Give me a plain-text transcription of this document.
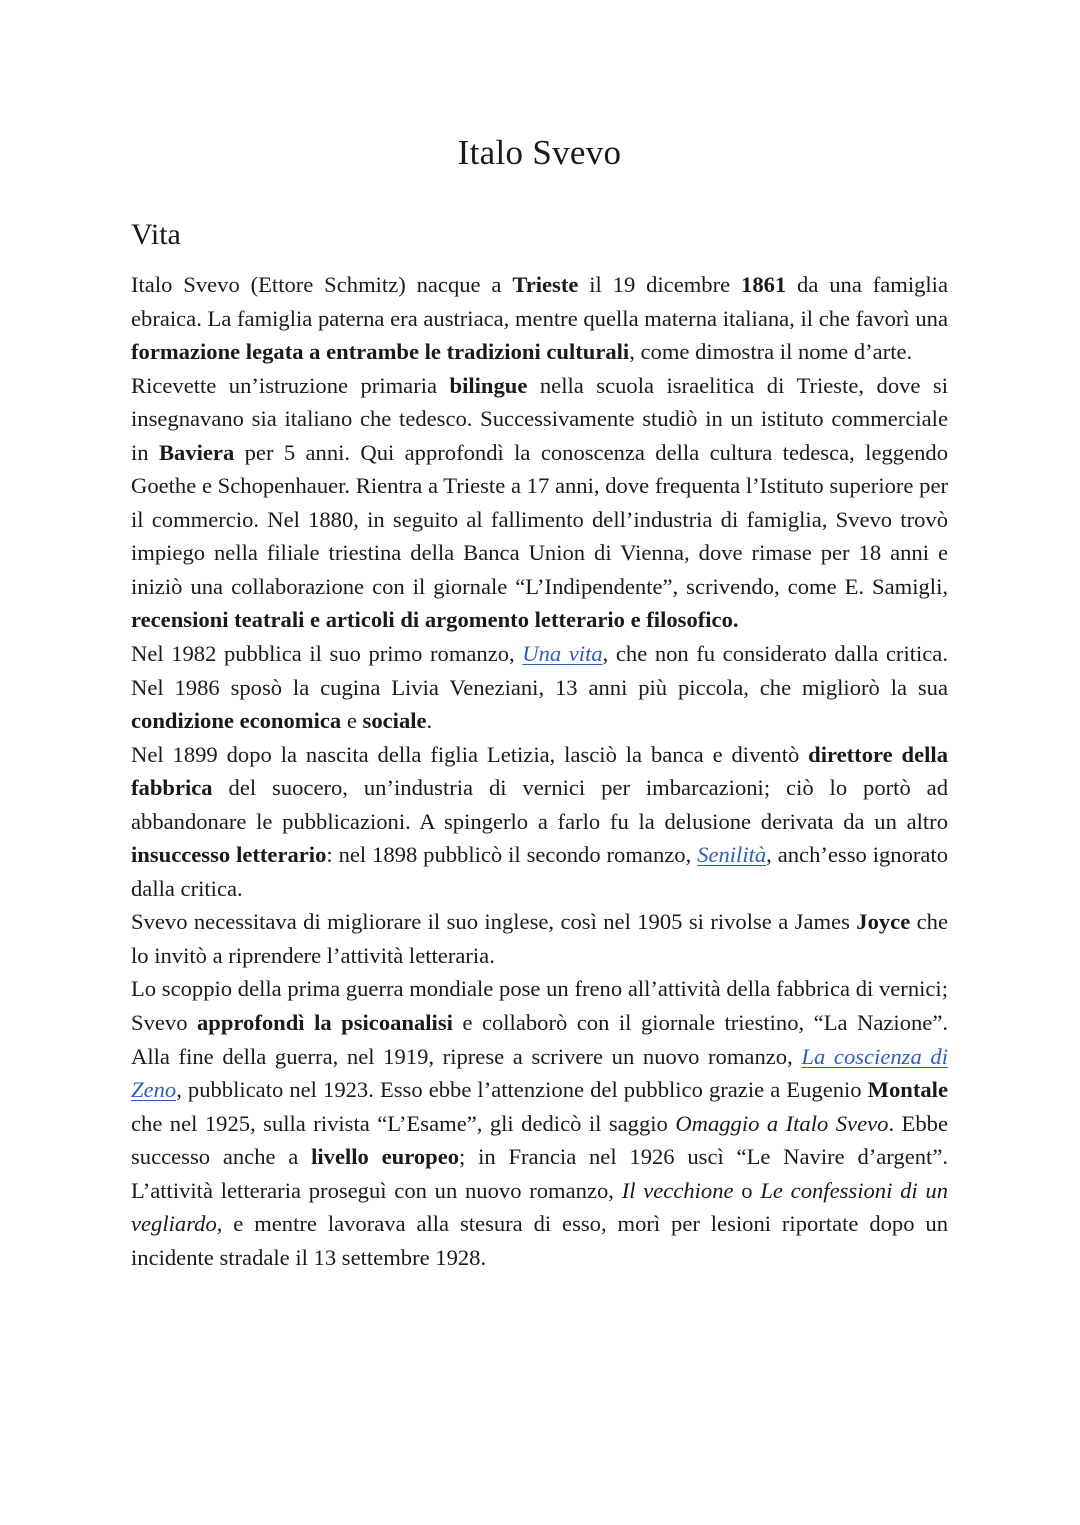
Italo Svevo
Vita

Italo Svevo (Ettore Schmitz) nacque a Trieste il 19 dicembre 1861 da una famiglia ebraica. La famiglia paterna era austriaca, mentre quella materna italiana, il che favorì una formazione legata a entrambe le tradizioni culturali, come dimostra il nome d’arte.

Ricevette un’istruzione primaria bilingue nella scuola israelitica di Trieste, dove si insegnavano sia italiano che tedesco. Successivamente studiò in un istituto commerciale in Baviera per 5 anni. Qui approfondì la conoscenza della cultura tedesca, leggendo Goethe e Schopenhauer. Rientra a Trieste a 17 anni, dove frequenta l’Istituto superiore per il commercio. Nel 1880, in seguito al fallimento dell’industria di famiglia, Svevo trovò impiego nella filiale triestina della Banca Union di Vienna, dove rimase per 18 anni e iniziò una collaborazione con il giornale “L’Indipendente”, scrivendo, come E. Samigli, recensioni teatrali e articoli di argomento letterario e filosofico.

Nel 1982 pubblica il suo primo romanzo, Una vita, che non fu considerato dalla critica. Nel 1986 sposò la cugina Livia Veneziani, 13 anni più piccola, che migliorò la sua condizione economica e sociale.

Nel 1899 dopo la nascita della figlia Letizia, lasciò la banca e diventò direttore della fabbrica del suocero, un’industria di vernici per imbarcazioni; ciò lo portò ad abbandonare le pubblicazioni. A spingerlo a farlo fu la delusione derivata da un altro insuccesso letterario: nel 1898 pubblicò il secondo romanzo, Senilità, anch’esso ignorato dalla critica.

Svevo necessitava di migliorare il suo inglese, così nel 1905 si rivolse a James Joyce che lo invitò a riprendere l’attività letteraria.

Lo scoppio della prima guerra mondiale pose un freno all’attività della fabbrica di vernici; Svevo approfondì la psicoanalisi e collaborò con il giornale triestino, “La Nazione”. Alla fine della guerra, nel 1919, riprese a scrivere un nuovo romanzo, La coscienza di Zeno, pubblicato nel 1923. Esso ebbe l’attenzione del pubblico grazie a Eugenio Montale che nel 1925, sulla rivista “L’Esame”, gli dedicò il saggio Omaggio a Italo Svevo. Ebbe successo anche a livello europeo; in Francia nel 1926 uscì “Le Navire d’argent”. L’attività letteraria proseguì con un nuovo romanzo, Il vecchione o Le confessioni di un vegliardo, e mentre lavorava alla stesura di esso, morì per lesioni riportate dopo un incidente stradale il 13 settembre 1928.
